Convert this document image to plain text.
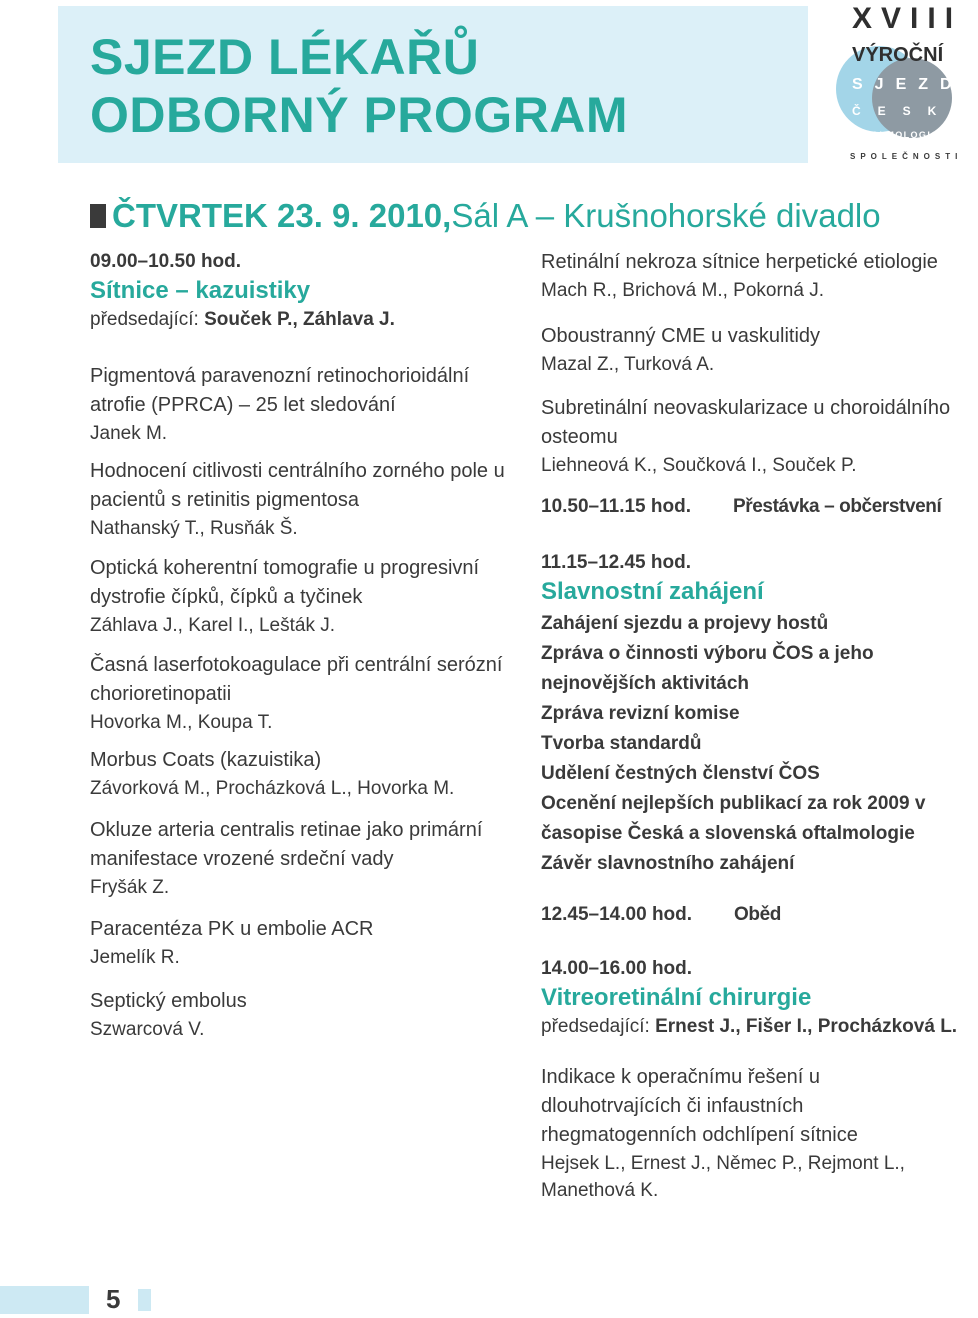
SJEZD LÉKAŘŮ
ODBORNÝ PROGRAM
XVIII
VÝROČNÍ
SJEZD
ČESKÉ
OFTALMOLOGICKÉ
SPOLEČNOSTI
ČTVRTEK 23. 9. 2010, Sál A – Krušnohorské divadlo
09.00–10.50 hod.
Sítnice – kazuistiky
předsedající: Souček P., Záhlava J.
Pigmentová paravenozní retinochorioidální atrofie (PPRCA) – 25 let sledování
Janek M.
Hodnocení citlivosti centrálního zorného pole u pacientů s retinitis pigmentosa
Nathanský T., Rusňák Š.
Optická koherentní tomografie u progresivní dystrofie čípků, čípků a tyčinek
Záhlava J., Karel I., Lešták J.
Časná laserfotokoagulace při centrální serózní chorioretinopatii
Hovorka M., Koupa T.
Morbus Coats (kazuistika)
Závorková M., Procházková L., Hovorka M.
Okluze arteria centralis retinae jako primární manifestace vrozené srdeční vady
Fryšák Z.
Paracentéza PK u embolie ACR
Jemelík R.
Septický embolus
Szwarcová V.
Retinální nekroza sítnice herpetické etiologie
Mach R., Brichová M., Pokorná J.
Oboustranný CME u vaskulitidy
Mazal Z., Turková A.
Subretinální neovaskularizace u choroidálního osteomu
Liehneová K., Součková I., Souček P.
10.50–11.15 hod. Přestávka – občerstvení
11.15–12.45 hod.
Slavnostní zahájení
Zahájení sjezdu a projevy hostů
Zpráva o činnosti výboru ČOS a jeho nejnovějších aktivitách
Zpráva revizní komise
Tvorba standardů
Udělení čestných členství ČOS
Ocenění nejlepších publikací za rok 2009 v časopise Česká a slovenská oftalmologie
Závěr slavnostního zahájení
12.45–14.00 hod. Oběd
14.00–16.00 hod.
Vitreoretinální chirurgie
předsedající: Ernest J., Fišer I., Procházková L.
Indikace k operačnímu řešení u dlouhotrvajících či infaustních rhegmatogenních odchlípení sítnice
Hejsek L., Ernest J., Němec P., Rejmont L., Manethová K.
5
